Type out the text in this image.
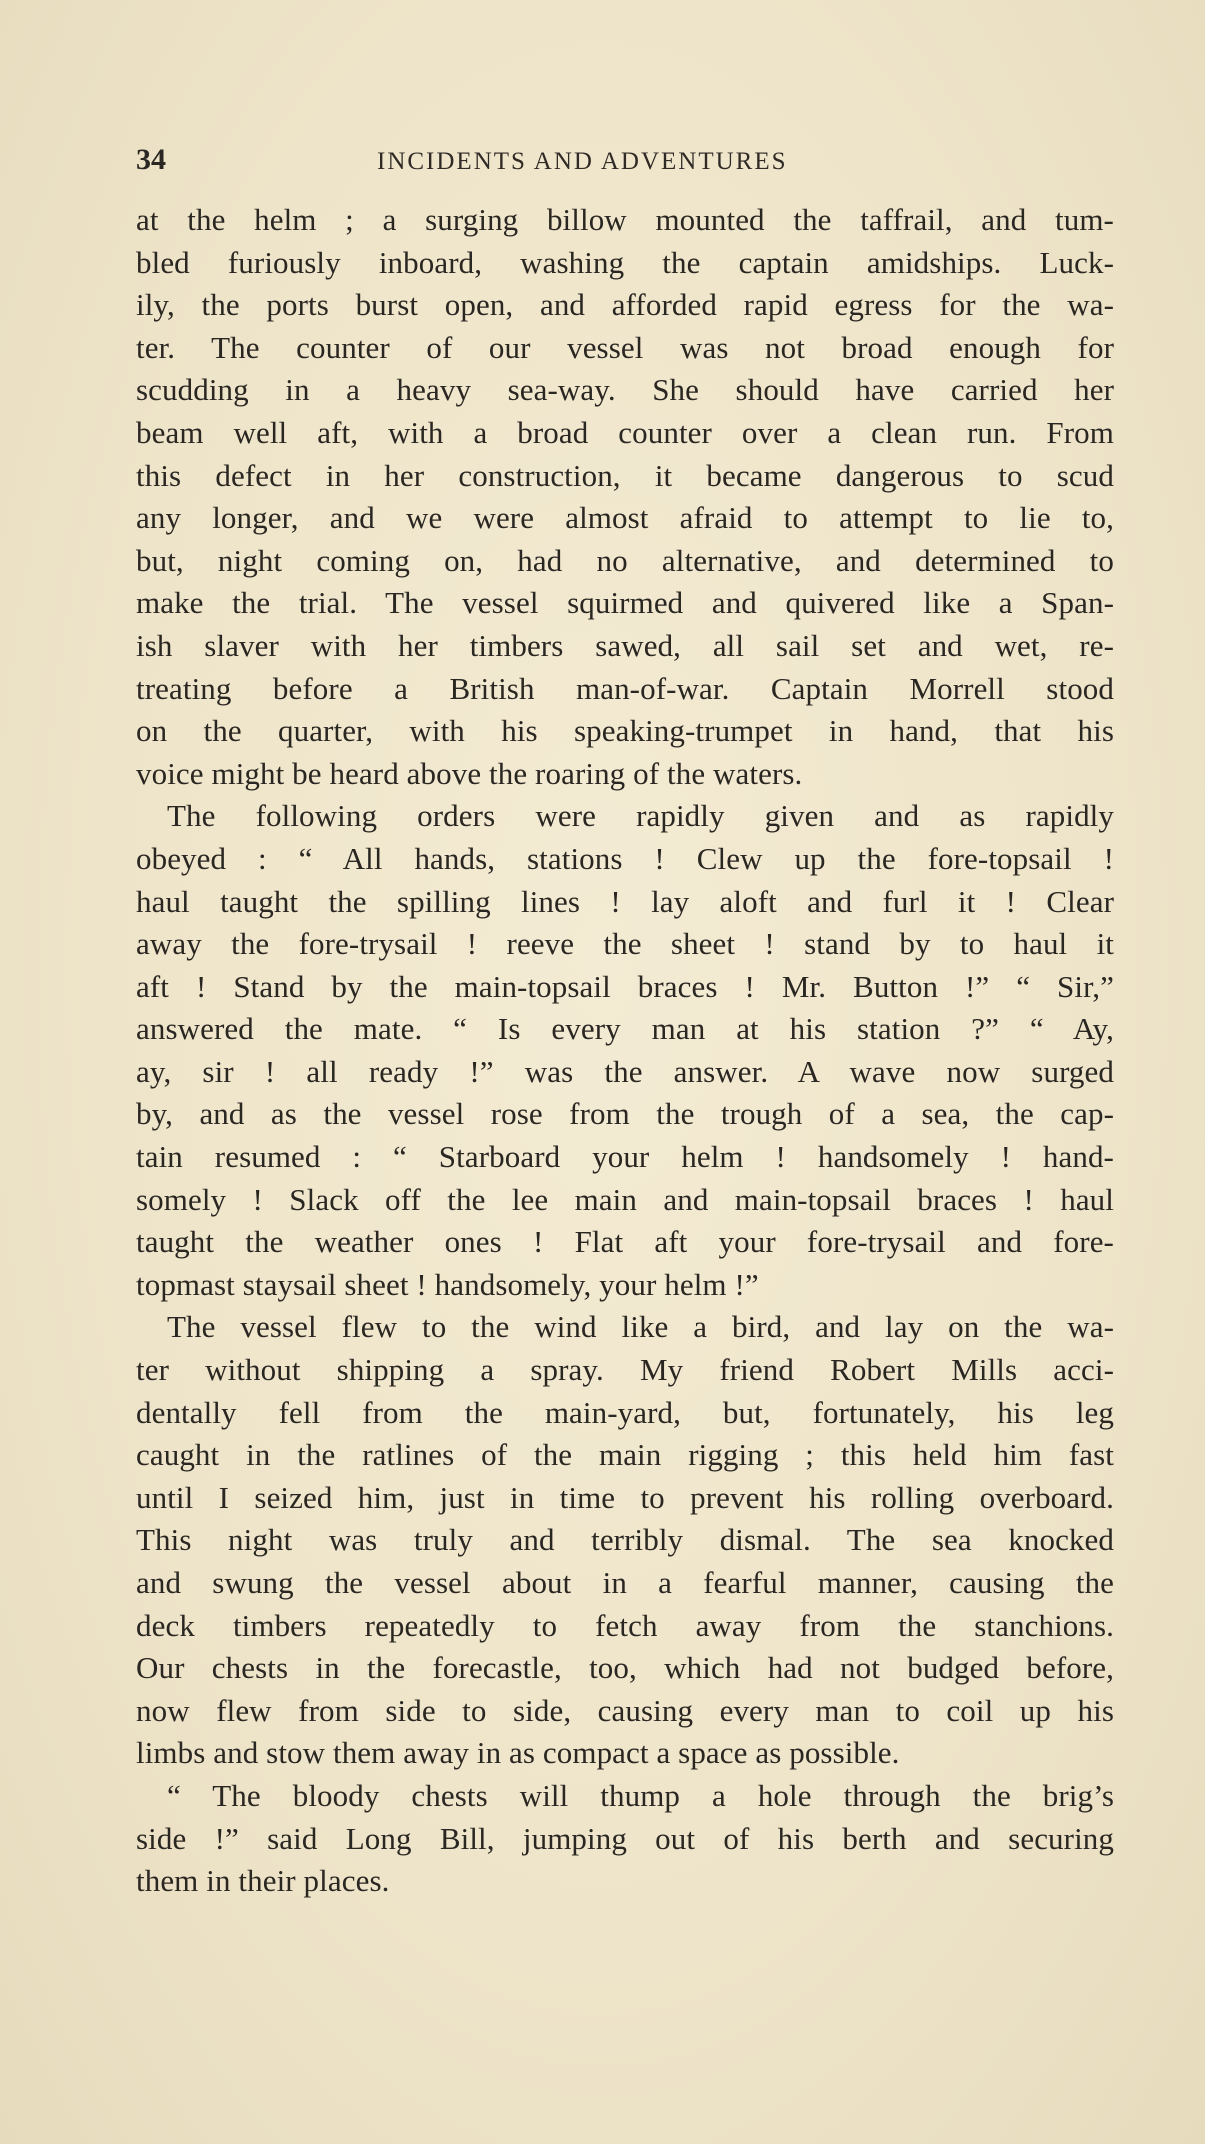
34	INCIDENTS AND ADVENTURES
at the helm ; a surging billow mounted the taffrail, and tum-
bled furiously inboard, washing the captain amidships. Luck-
ily, the ports burst open, and afforded rapid egress for the wa-
ter. The counter of our vessel was not broad enough for
scudding in a heavy sea-way. She should have carried her
beam well aft, with a broad counter over a clean run. From
this defect in her construction, it became dangerous to scud
any longer, and we were almost afraid to attempt to lie to,
but, night coming on, had no alternative, and determined to
make the trial. The vessel squirmed and quivered like a Span-
ish slaver with her timbers sawed, all sail set and wet, re-
treating before a British man-of-war. Captain Morrell stood
on the quarter, with his speaking-trumpet in hand, that his
voice might be heard above the roaring of the waters.
The following orders were rapidly given and as rapidly
obeyed : “ All hands, stations ! Clew up the fore-topsail !
haul taught the spilling lines ! lay aloft and furl it ! Clear
away the fore-trysail ! reeve the sheet ! stand by to haul it
aft ! Stand by the main-topsail braces ! Mr. Button !” “ Sir,”
answered the mate. “ Is every man at his station ?” “ Ay,
ay, sir ! all ready !” was the answer. A wave now surged
by, and as the vessel rose from the trough of a sea, the cap-
tain resumed : “ Starboard your helm ! handsomely ! hand-
somely ! Slack off the lee main and main-topsail braces ! haul
taught the weather ones ! Flat aft your fore-trysail and fore-
topmast staysail sheet ! handsomely, your helm !”
The vessel flew to the wind like a bird, and lay on the wa-
ter without shipping a spray. My friend Robert Mills acci-
dentally fell from the main-yard, but, fortunately, his leg
caught in the ratlines of the main rigging ; this held him fast
until I seized him, just in time to prevent his rolling overboard.
This night was truly and terribly dismal. The sea knocked
and swung the vessel about in a fearful manner, causing the
deck timbers repeatedly to fetch away from the stanchions.
Our chests in the forecastle, too, which had not budged before,
now flew from side to side, causing every man to coil up his
limbs and stow them away in as compact a space as possible.
“ The bloody chests will thump a hole through the brig’s
side !” said Long Bill, jumping out of his berth and securing
them in their places.
